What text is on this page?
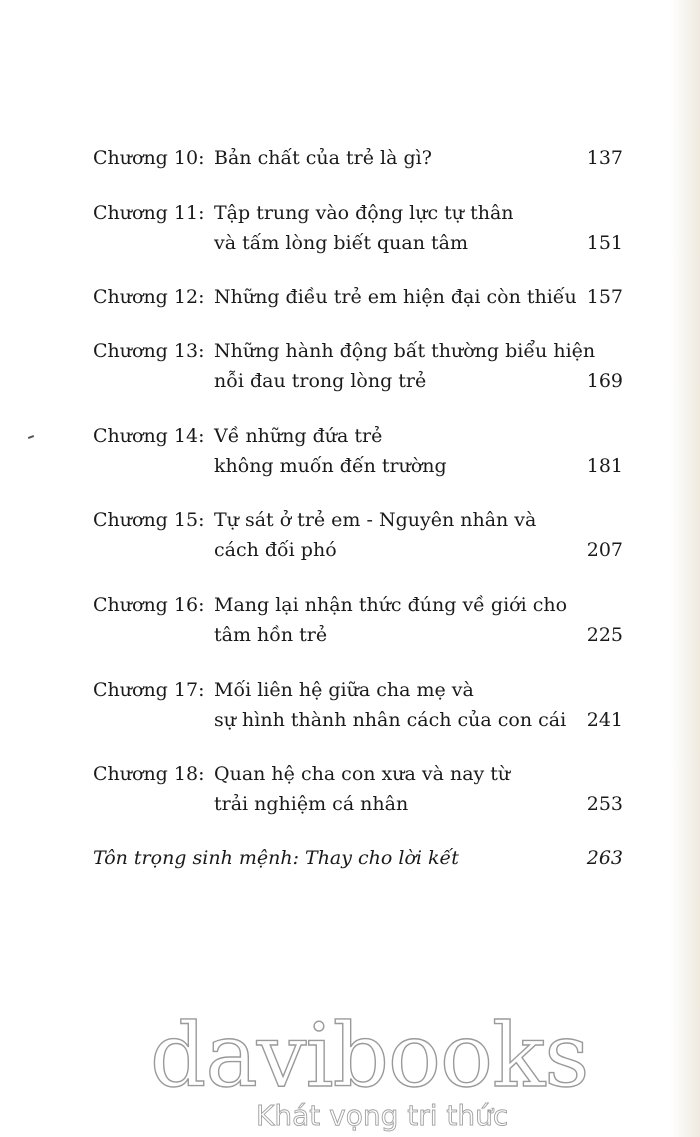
Chương 10: Bản chất của trẻ là gì?	137
Chương 11: Tập trung vào động lực tự thân
và tấm lòng biết quan tâm	151
Chương 12: Những điều trẻ em hiện đại còn thiếu 157
Chương 13: Những hành động bất thường biểu hiện
nỗi đau trong lòng trẻ	169
Chương 14: Về những đứa trẻ
không muốn đến trường	181
Chương 15: Tự sát ở trẻ em - Nguyên nhân và
cách đối phó	207
Chương 16: Mang lại nhận thức đúng về giới cho
tâm hồn trẻ	225
Chương 17: Mối liên hệ giữa cha mẹ và
sự hình thành nhân cách của con cái	241
Chương 18: Quan hệ cha con xưa và nay từ
trải nghiệm cá nhân	253
Tôn trọng sinh mệnh: Thay cho lời kết	263
davibooks
Khát vọng tri thức
